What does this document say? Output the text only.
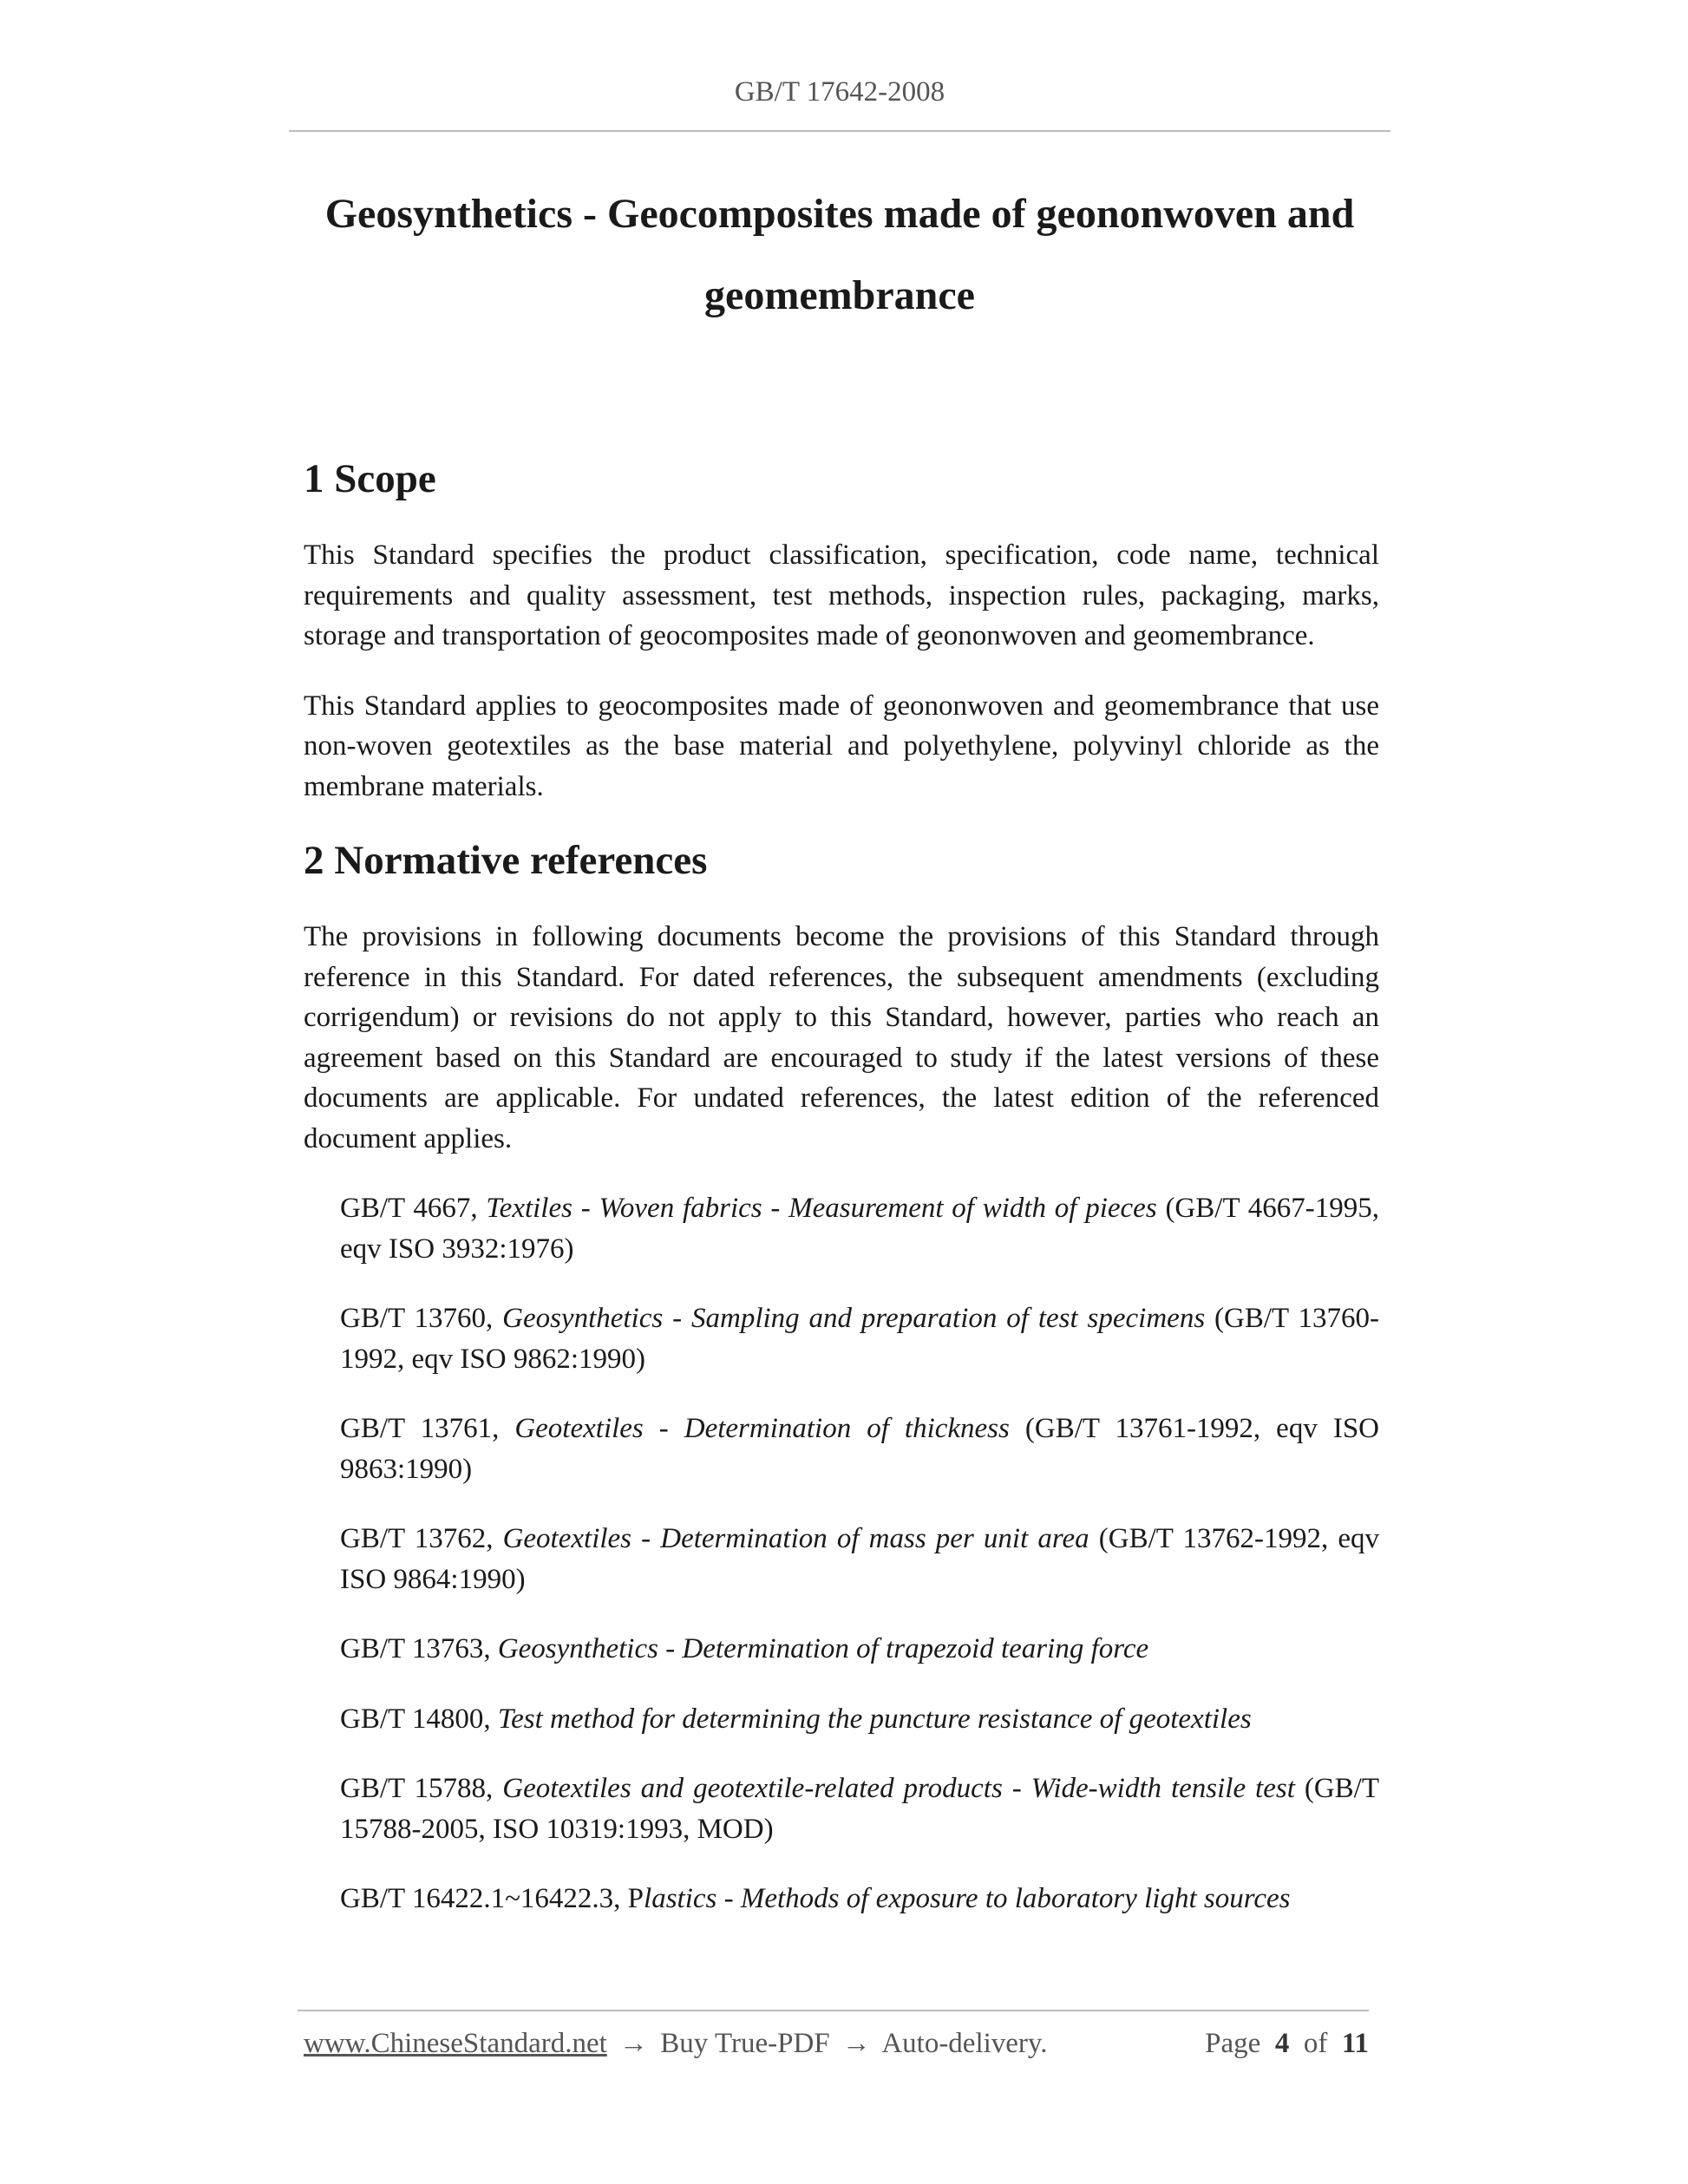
GB/T 17642-2008
Geosynthetics - Geocomposites made of geononwoven and
geomembrance
1 Scope

This Standard specifies the product classification, specification, code name, technical requirements and quality assessment, test methods, inspection rules, packaging, marks, storage and transportation of geocomposites made of geononwoven and geomembrance.

This Standard applies to geocomposites made of geononwoven and geomembrance that use non-woven geotextiles as the base material and polyethylene, polyvinyl chloride as the membrane materials.

2 Normative references

The provisions in following documents become the provisions of this Standard through reference in this Standard. For dated references, the subsequent amendments (excluding corrigendum) or revisions do not apply to this Standard, however, parties who reach an agreement based on this Standard are encouraged to study if the latest versions of these documents are applicable. For undated references, the latest edition of the referenced document applies.

GB/T 4667, Textiles - Woven fabrics - Measurement of width of pieces (GB/T 4667-1995, eqv ISO 3932:1976)

GB/T 13760, Geosynthetics - Sampling and preparation of test specimens (GB/T 13760-1992, eqv ISO 9862:1990)

GB/T 13761, Geotextiles - Determination of thickness (GB/T 13761-1992, eqv ISO 9863:1990)

GB/T 13762, Geotextiles - Determination of mass per unit area (GB/T 13762-1992, eqv ISO 9864:1990)

GB/T 13763, Geosynthetics - Determination of trapezoid tearing force

GB/T 14800, Test method for determining the puncture resistance of geotextiles

GB/T 15788, Geotextiles and geotextile-related products - Wide-width tensile test (GB/T 15788-2005, ISO 10319:1993, MOD)

GB/T 16422.1~16422.3, Plastics - Methods of exposure to laboratory light sources

www.ChineseStandard.net → Buy True-PDF → Auto-delivery.	Page 4 of 11
